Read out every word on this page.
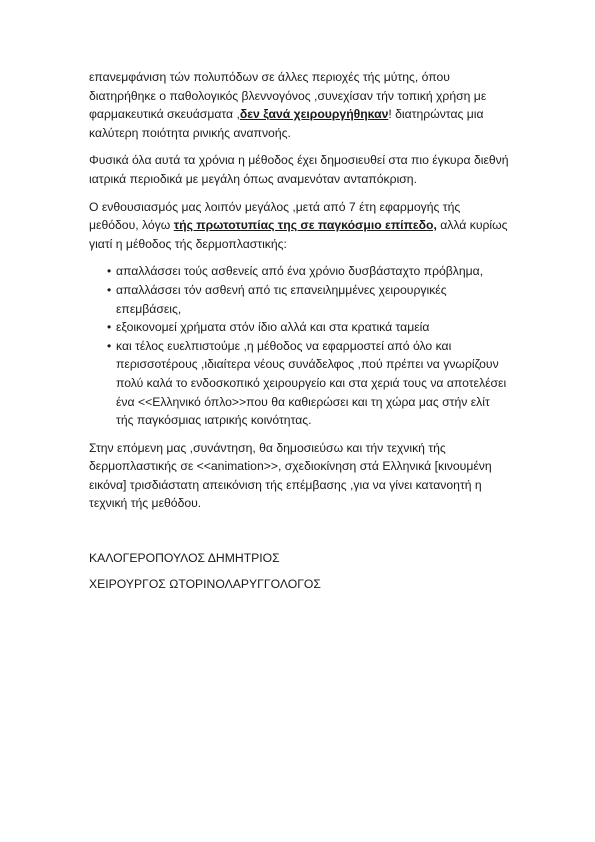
επανεμφάνιση τών πολυπόδων σε άλλες περιοχές τής μύτης, όπου διατηρήθηκε ο παθολογικός βλεννογόνος ,συνεχίσαν τήν τοπική χρήση με φαρμακευτικά σκευάσματα ,δεν ξανά χειρουργήθηκαν! διατηρώντας μια καλύτερη ποιότητα ρινικής αναπνοής.

Φυσικά όλα αυτά τα χρόνια η μέθοδος έχει δημοσιευθεί στα πιο έγκυρα διεθνή ιατρικά περιοδικά με μεγάλη όπως αναμενόταν ανταπόκριση.

Ο ενθουσιασμός μας λοιπόν μεγάλος ,μετά από 7 έτη εφαρμογής τής μεθόδου, λόγω τής πρωτοτυπίας της σε παγκόσμιο επίπεδο, αλλά κυρίως γιατί η μέθοδος τής δερμοπλαστικής:

• απαλλάσσει τούς ασθενείς από ένα χρόνιο δυσβάσταχτο πρόβλημα,
• απαλλάσσει τόν ασθενή από τις επανειλημμένες χειρουργικές επεμβάσεις,
• εξοικονομεί χρήματα στόν ίδιο αλλά και στα κρατικά ταμεία
• και τέλος ευελπιστούμε ,η μέθοδος να εφαρμοστεί από όλο και περισσοτέρους ,ιδιαίτερα νέους συνάδελφος ,πού πρέπει να γνωρίζουν πολύ καλά το ενδοσκοπικό χειρουργείο και στα χεριά τους να αποτελέσει ένα <<Ελληνικό όπλο>>που θα καθιερώσει και τη χώρα μας στήν ελίτ τής παγκόσμιας ιατρικής κοινότητας.

Στην επόμενη μας ,συνάντηση, θα δημοσιεύσω και τήν τεχνική τής δερμοπλαστικής σε <<animation>>, σχεδιοκίνηση στά Ελληνικά [κινουμένη εικόνα] τρισδιάστατη απεικόνιση τής επέμβασης ,για να γίνει κατανοητή η τεχνική τής μεθόδου.

ΚΑΛΟΓΕΡΟΠΟΥΛΟΣ ΔΗΜΗΤΡΙΟΣ

ΧΕΙΡΟΥΡΓΟΣ ΩΤΟΡΙΝΟΛΑΡΥΓΓΟΛΟΓΟΣ
